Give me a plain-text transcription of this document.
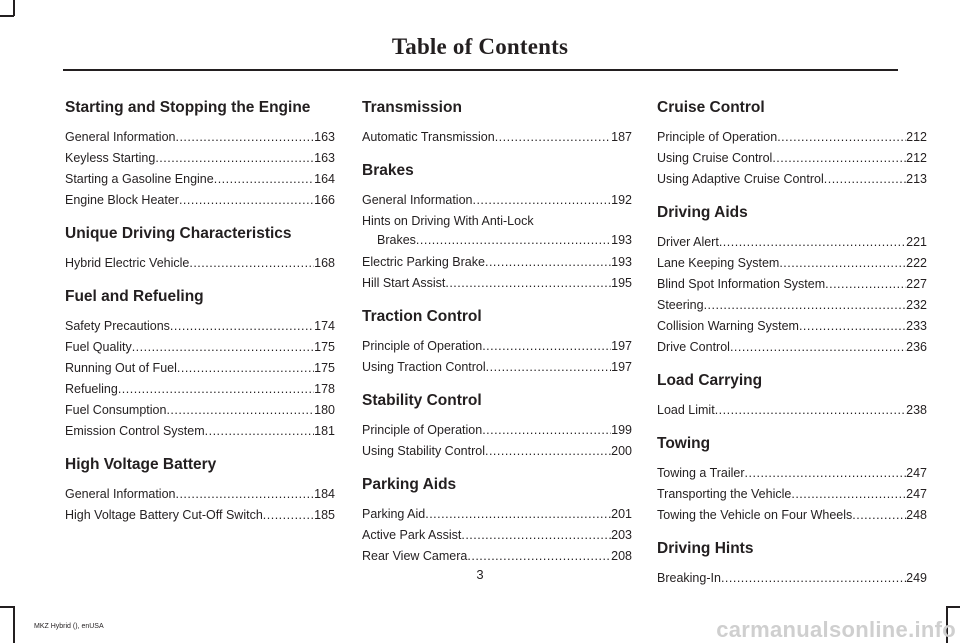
Table of Contents
Starting and Stopping the Engine
General Information .....	163
Keyless Starting .....	163
Starting a Gasoline Engine .....	164
Engine Block Heater .....	166
Unique Driving Characteristics
Hybrid Electric Vehicle .....	168
Fuel and Refueling
Safety Precautions .....	174
Fuel Quality .....	175
Running Out of Fuel .....	175
Refueling .....	178
Fuel Consumption .....	180
Emission Control System .....	181
High Voltage Battery
General Information .....	184
High Voltage Battery Cut-Off Switch .....	185
Transmission
Automatic Transmission .....	187
Brakes
General Information .....	192
Hints on Driving With Anti-Lock
Brakes .....	193
Electric Parking Brake .....	193
Hill Start Assist .....	195
Traction Control
Principle of Operation .....	197
Using Traction Control .....	197
Stability Control
Principle of Operation .....	199
Using Stability Control .....	200
Parking Aids
Parking Aid .....	201
Active Park Assist .....	203
Rear View Camera .....	208
Cruise Control
Principle of Operation .....	212
Using Cruise Control .....	212
Using Adaptive Cruise Control .....	213
Driving Aids
Driver Alert .....	221
Lane Keeping System .....	222
Blind Spot Information System .....	227
Steering .....	232
Collision Warning System .....	233
Drive Control .....	236
Load Carrying
Load Limit .....	238
Towing
Towing a Trailer .....	247
Transporting the Vehicle .....	247
Towing the Vehicle on Four Wheels .....	248
Driving Hints
Breaking-In .....	249
3
MKZ Hybrid (), enUSA	carmanualsonline.info
